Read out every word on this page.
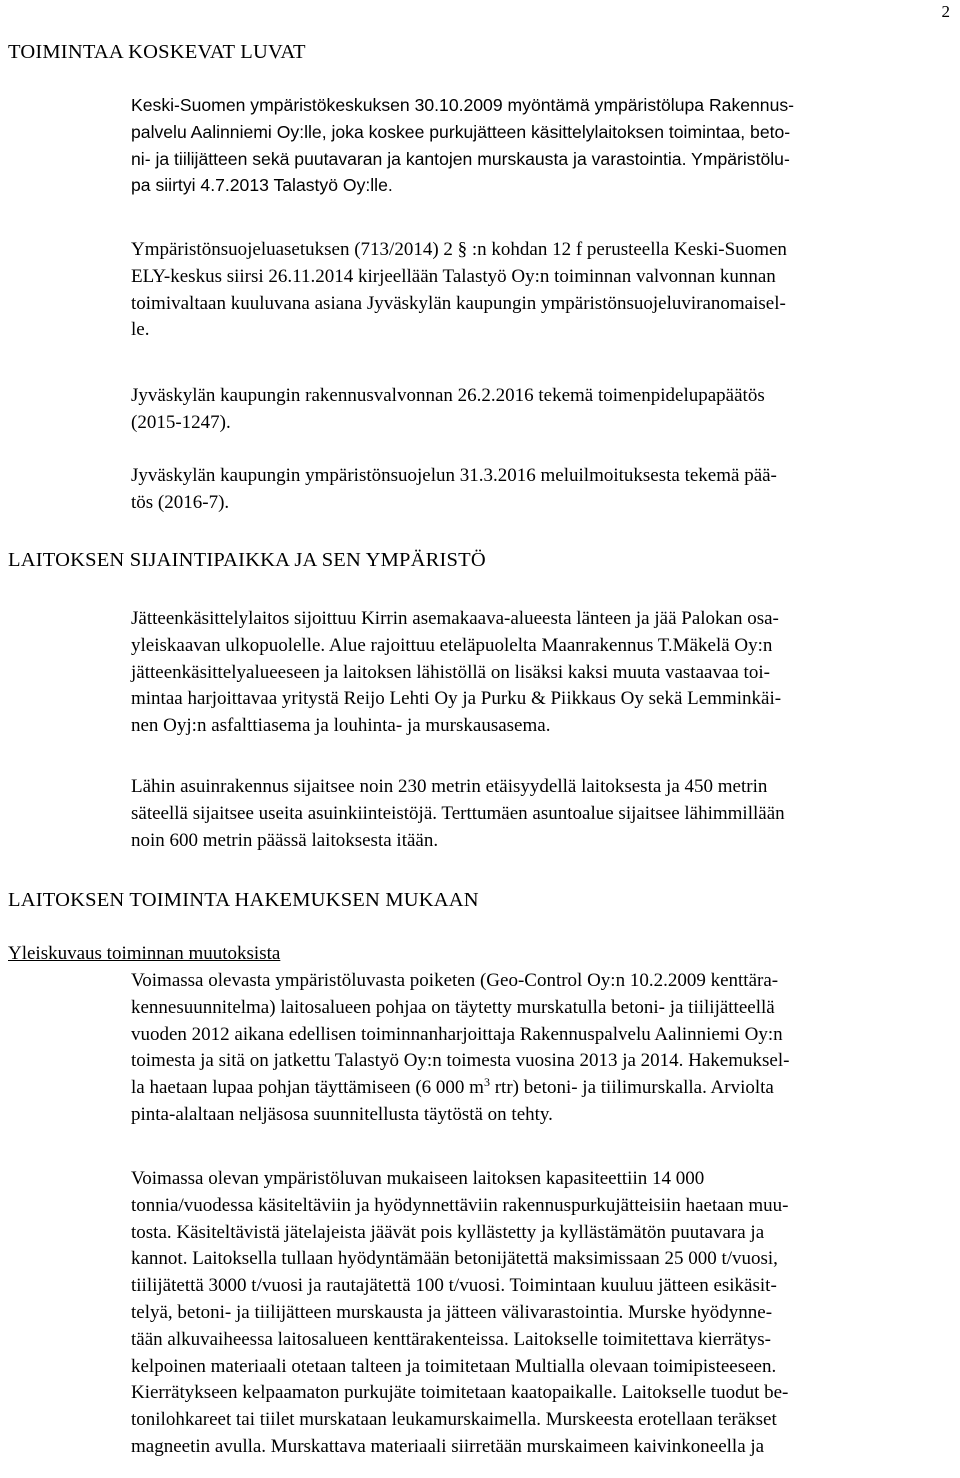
2
TOIMINTAA KOSKEVAT LUVAT
Keski-Suomen ympäristökeskuksen 30.10.2009 myöntämä ympäristölupa Rakennus-
palvelu Aalinniemi Oy:lle, joka koskee purkujätteen käsittelylaitoksen toimintaa, beto-
ni- ja tiilijätteen sekä puutavaran ja kantojen murskausta ja varastointia. Ympäristölu-
pa siirtyi 4.7.2013 Talastyö Oy:lle.
Ympäristönsuojeluasetuksen (713/2014) 2 § :n kohdan 12 f perusteella Keski-Suomen
ELY-keskus siirsi 26.11.2014 kirjeellään Talastyö Oy:n toiminnan valvonnan kunnan
toimivaltaan kuuluvana asiana Jyväskylän kaupungin ympäristönsuojeluviranomaisel-
le.
Jyväskylän kaupungin rakennusvalvonnan 26.2.2016 tekemä toimenpidelupapäätös
(2015-1247).
Jyväskylän kaupungin ympäristönsuojelun 31.3.2016 meluilmoituksesta tekemä pää-
tös (2016-7).
LAITOKSEN SIJAINTIPAIKKA JA SEN YMPÄRISTÖ
Jätteenkäsittelylaitos sijoittuu Kirrin asemakaava-alueesta länteen ja jää Palokan osa-
yleiskaavan ulkopuolelle. Alue rajoittuu eteläpuolelta Maanrakennus T.Mäkelä Oy:n
jätteenkäsittelyalueeseen ja laitoksen lähistöllä on lisäksi kaksi muuta vastaavaa toi-
mintaa harjoittavaa yritystä Reijo Lehti Oy ja Purku & Piikkaus Oy sekä Lemminkäi-
nen Oyj:n asfalttiasema ja louhinta- ja murskausasema.
Lähin asuinrakennus sijaitsee noin 230 metrin etäisyydellä laitoksesta ja 450 metrin
säteellä sijaitsee useita asuinkiinteistöjä. Terttumäen asuntoalue sijaitsee lähimmillään
noin 600 metrin päässä laitoksesta itään.
LAITOKSEN TOIMINTA HAKEMUKSEN MUKAAN
Yleiskuvaus toiminnan muutoksista
Voimassa olevasta ympäristöluvasta poiketen (Geo-Control Oy:n 10.2.2009 kenttära-
kennesuunnitelma) laitosalueen pohjaa on täytetty murskatulla betoni- ja tiilijätteellä
vuoden 2012 aikana edellisen toiminnanharjoittaja Rakennuspalvelu Aalinniemi Oy:n
toimesta ja sitä on jatkettu Talastyö Oy:n toimesta vuosina 2013 ja 2014. Hakemuksel-
la haetaan lupaa pohjan täyttämiseen (6 000 $m^3$ rtr) betoni- ja tiilimurskalla. Arviolta
pinta-alaltaan neljäsosa suunnitellusta täytöstä on tehty.
Voimassa olevan ympäristöluvan mukaiseen laitoksen kapasiteettiin 14 000
tonnia/vuodessa käsiteltäviin ja hyödynnettäviin rakennuspurkujätteisiin haetaan muu-
tosta. Käsiteltävistä jätelajeista jäävät pois kyllästetty ja kyllästämätön puutavara ja
kannot. Laitoksella tullaan hyödyntämään betonijätettä maksimissaan 25 000 t/vuosi,
tiilijätettä 3000 t/vuosi ja rautajätettä 100 t/vuosi. Toimintaan kuuluu jätteen esikäsit-
telyä, betoni- ja tiilijätteen murskausta ja jätteen välivarastointia. Murske hyödynne-
tään alkuvaiheessa laitosalueen kenttärakenteissa. Laitokselle toimitettava kierrätys-
kelpoinen materiaali otetaan talteen ja toimitetaan Multialla olevaan toimipisteeseen.
Kierrätykseen kelpaamaton purkujäte toimitetaan kaatopaikalle. Laitokselle tuodut be-
tonilohkareet tai tiilet murskataan leukamurskaimella. Murskeesta erotellaan teräkset
magneetin avulla. Murskattava materiaali siirretään murskaimeen kaivinkoneella ja
